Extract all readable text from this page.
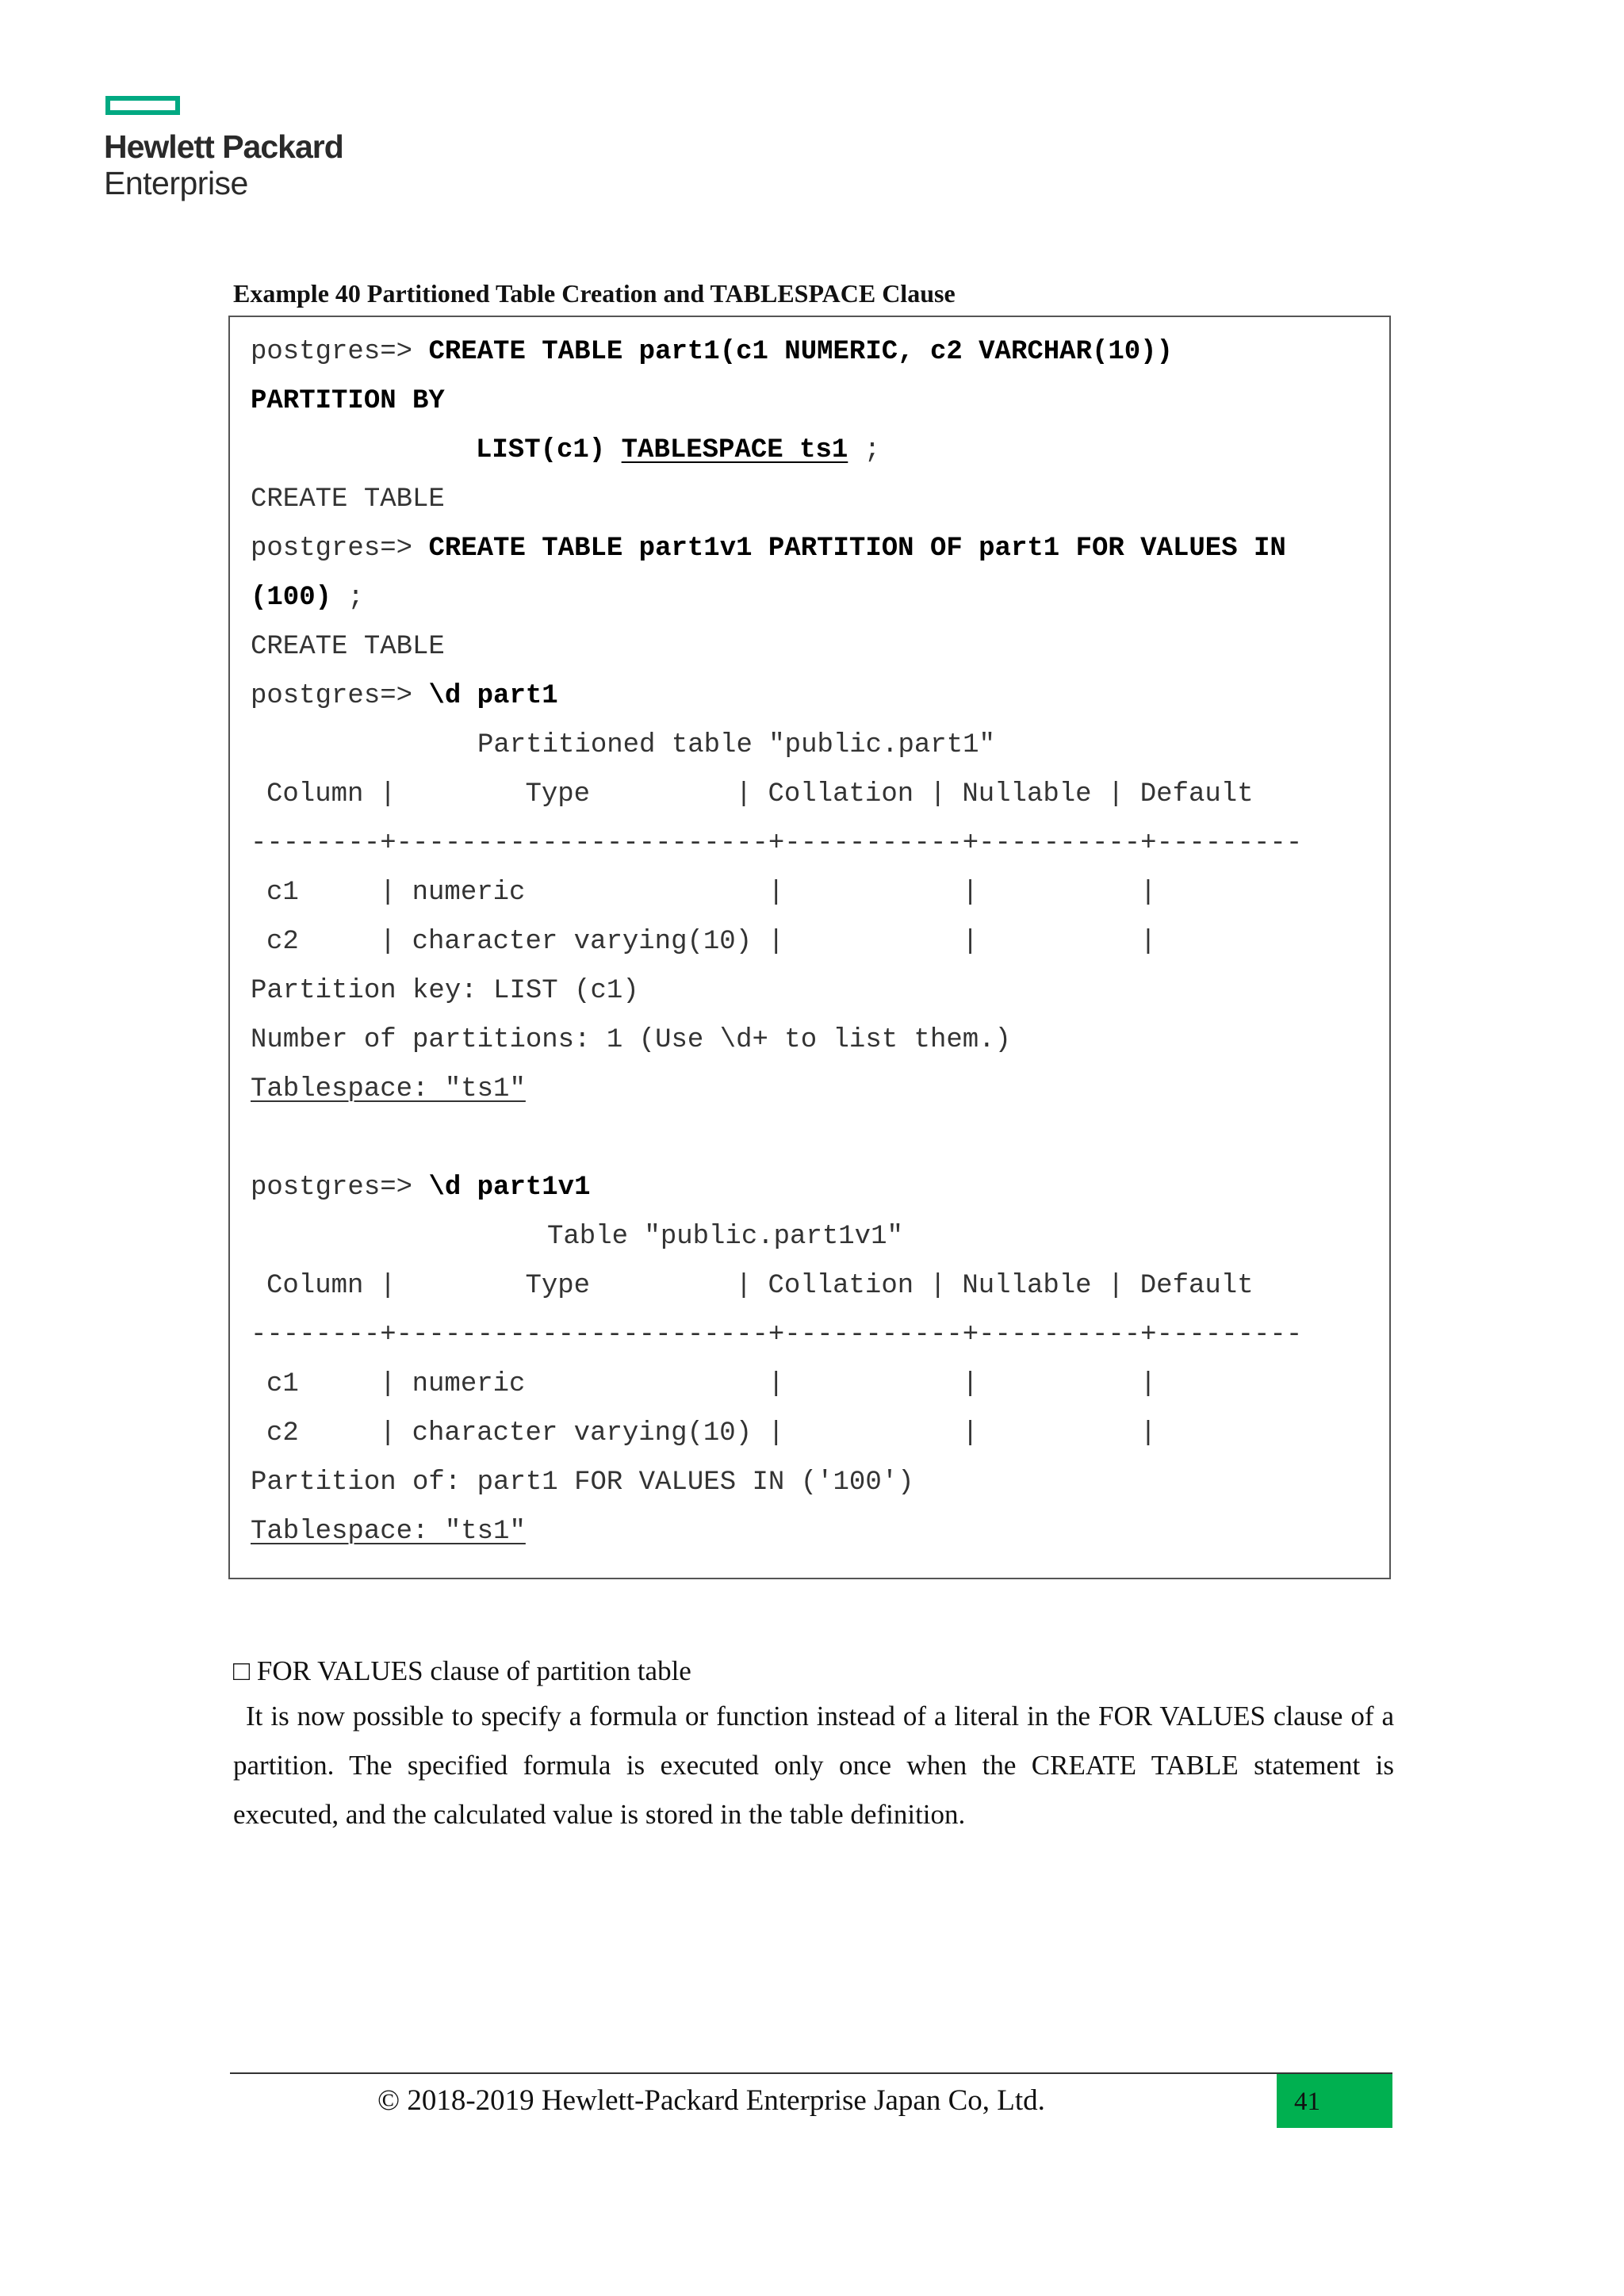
Hewlett Packard
Enterprise
Example 40 Partitioned Table Creation and TABLESPACE Clause
postgres=> CREATE TABLE part1(c1 NUMERIC, c2 VARCHAR(10))
PARTITION BY
LIST(c1) TABLESPACE ts1 ;
CREATE TABLE
postgres=> CREATE TABLE part1v1 PARTITION OF part1 FOR VALUES IN
(100) ;
CREATE TABLE
postgres=> \d part1
Partitioned table "public.part1"
Column |        Type         | Collation | Nullable | Default
--------+-----------------------+-----------+----------+---------
c1     | numeric               |           |          |
c2     | character varying(10) |           |          |
Partition key: LIST (c1)
Number of partitions: 1 (Use \d+ to list them.)
Tablespace: "ts1"
postgres=> \d part1v1
Table "public.part1v1"
Column |        Type         | Collation | Nullable | Default
--------+-----------------------+-----------+----------+---------
c1     | numeric               |           |          |
c2     | character varying(10) |           |          |
Partition of: part1 FOR VALUES IN ('100')
Tablespace: "ts1"
□ FOR VALUES clause of partition table

It is now possible to specify a formula or function instead of a literal in the FOR VALUES clause of a partition. The specified formula is executed only once when the CREATE TABLE statement is executed, and the calculated value is stored in the table definition.

© 2018-2019 Hewlett-Packard Enterprise Japan Co, Ltd.	41
